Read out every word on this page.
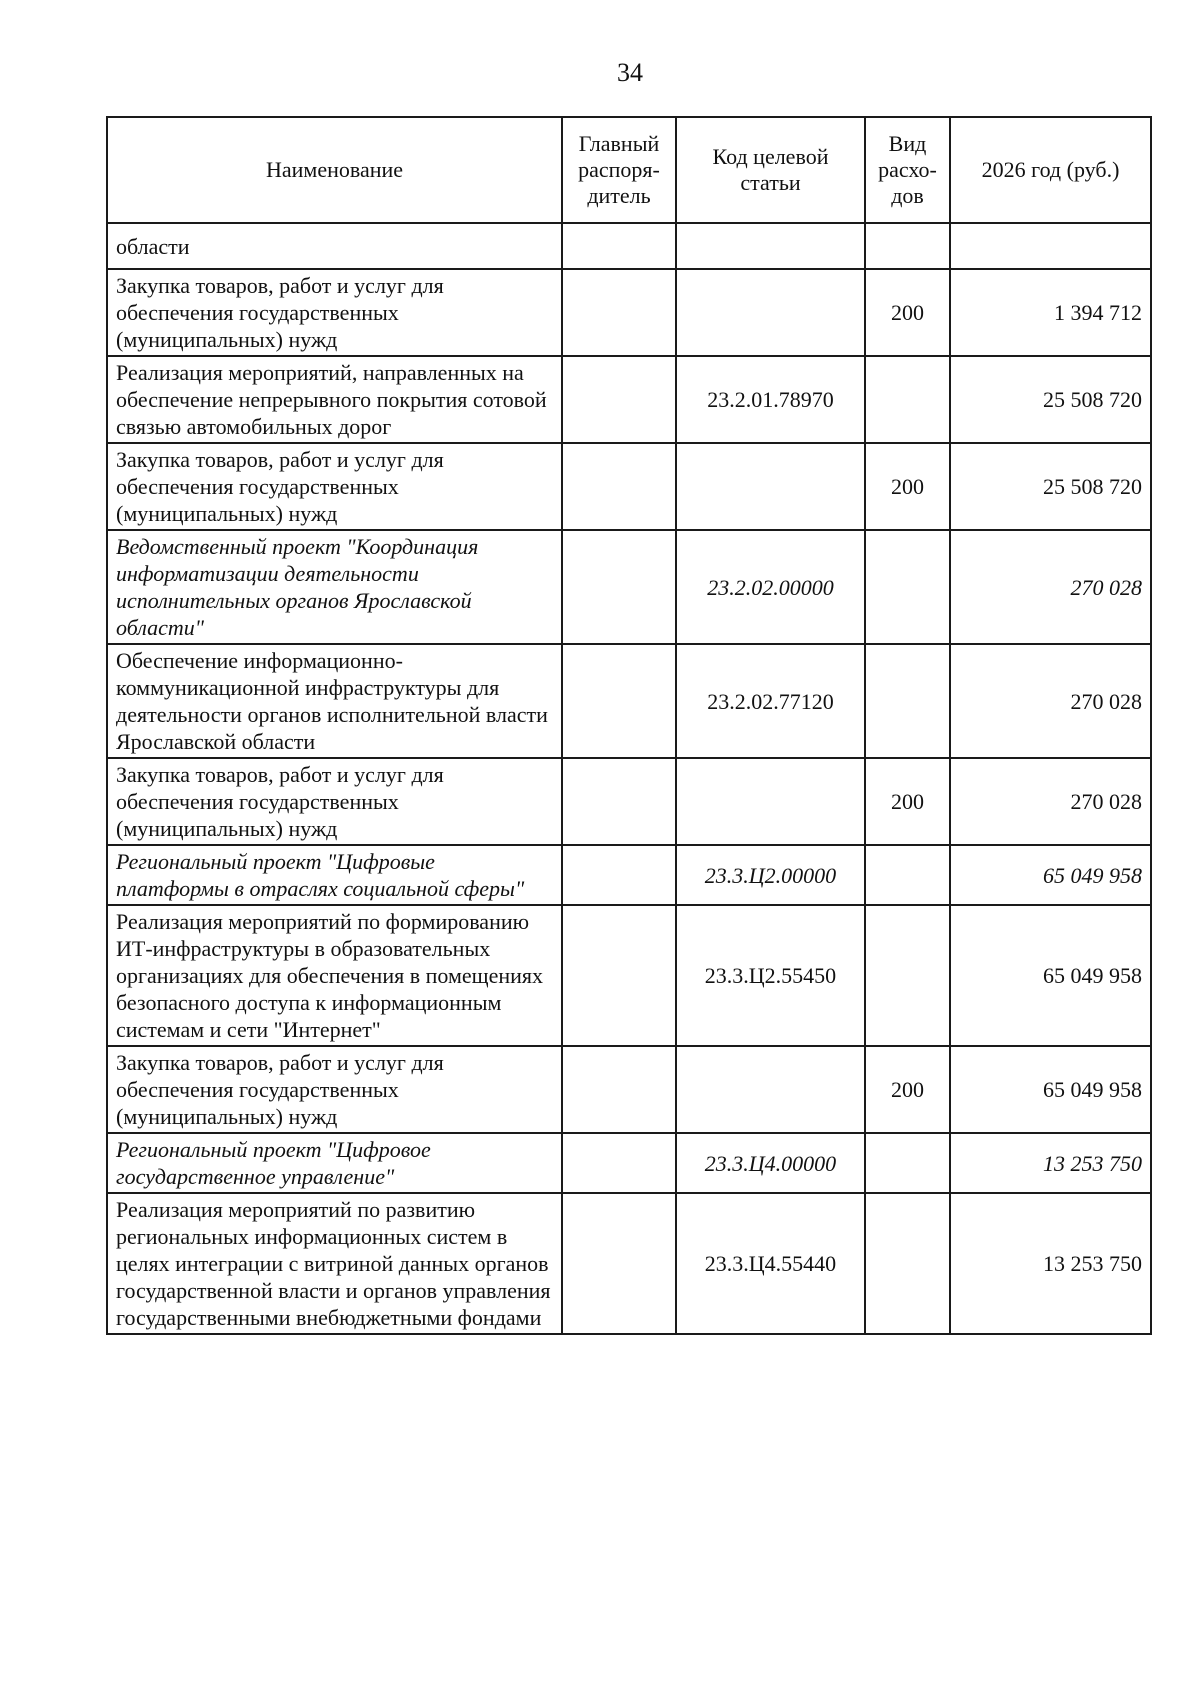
34
Наименование	Главный распоря-дитель	Код целевой статьи	Вид расхо-дов	2026 год (руб.)
области				
Закупка товаров, работ и услуг для обеспечения государственных (муниципальных) нужд			200	1 394 712
Реализация мероприятий, направленных на обеспечение непрерывного покрытия сотовой связью автомобильных дорог		23.2.01.78970		25 508 720
Закупка товаров, работ и услуг для обеспечения государственных (муниципальных) нужд			200	25 508 720
Ведомственный проект "Координация информатизации деятельности исполнительных органов Ярославской области"		23.2.02.00000		270 028
Обеспечение информационно-коммуникационной инфраструктуры для деятельности органов исполнительной власти Ярославской области		23.2.02.77120		270 028
Закупка товаров, работ и услуг для обеспечения государственных (муниципальных) нужд			200	270 028
Региональный проект "Цифровые платформы в отраслях социальной сферы"		23.3.Ц2.00000		65 049 958
Реализация мероприятий по формированию ИТ-инфраструктуры в образовательных организациях для обеспечения в помещениях безопасного доступа к информационным системам и сети "Интернет"		23.3.Ц2.55450		65 049 958
Закупка товаров, работ и услуг для обеспечения государственных (муниципальных) нужд			200	65 049 958
Региональный проект "Цифровое государственное управление"		23.3.Ц4.00000		13 253 750
Реализация мероприятий по развитию региональных информационных систем в целях интеграции с витриной данных органов государственной власти и органов управления государственными внебюджетными фондами		23.3.Ц4.55440		13 253 750
